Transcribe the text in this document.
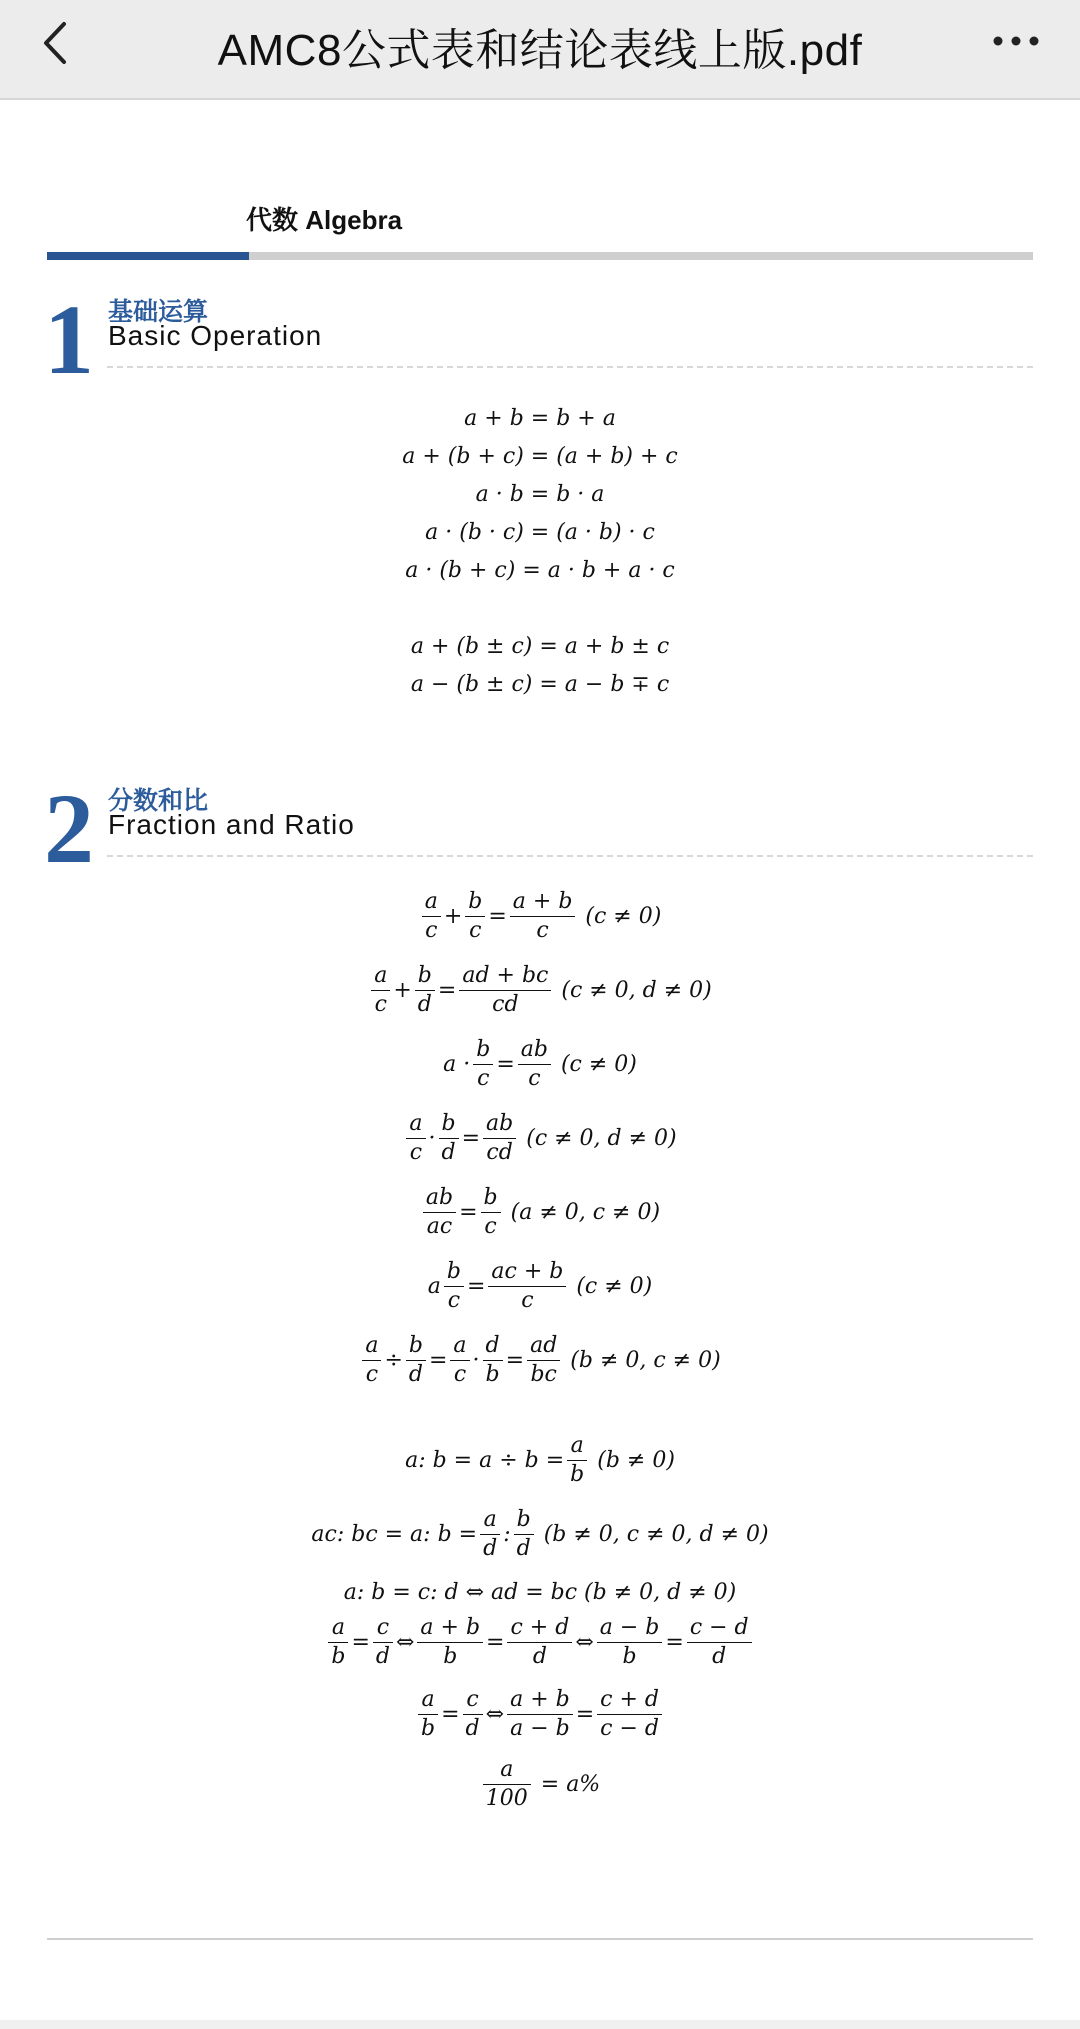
AMC8公式表和结论表线上版.pdf
代数 Algebra
1 基础运算
Basic Operation
a + b = b + a
a + (b + c) = (a + b) + c
a · b = b · a
a · (b · c) = (a · b) · c
a · (b + c) = a · b + a · c
a + (b ± c) = a + b ± c
a − (b ± c) = a − b ∓ c
2 分数和比
Fraction and Ratio
$\frac{a}{c} + \frac{b}{c} = \frac{a + b}{c} (c \ne 0)$
$\frac{a}{c} + \frac{b}{d} = \frac{ad + bc}{cd} (c \ne 0$, d ≠ 0)
$a \cdot \frac{b}{c} = \frac{ab}{c} (c \ne 0)$
$\frac{a}{c} \cdot \frac{b}{d} = \frac{ab}{cd} (c \ne 0$, d ≠ 0)
$\frac{ab}{ac} = \frac{b}{c} (a \ne 0$, c ≠ 0)
a $\frac{b}{c} = \frac{ac + b}{c} (c \ne 0)$
$\frac{a}{c} \div \frac{b}{d} = \frac{a}{c} \cdot \frac{d}{b} = \frac{ad}{bc} (b \ne 0$, c ≠ 0)
a: $b = a \div b = \frac{a}{b} (b \ne 0)$
ac: bc = a: $b = \frac{a}{d}$ : $\frac{b}{d} (b \ne 0$, c ≠ 0, d ≠ 0)
a: b = c: d ⇔ ad = bc (b ≠ 0, d ≠ 0)
$\frac{a}{b} = \frac{c}{d}$ ⇔ $\frac{a + b}{b} = \frac{c + d}{d}$ ⇔ $\frac{a - b}{b} = \frac{c - d}{d}$
$\frac{a}{b} = \frac{c}{d}$ ⇔ $\frac{a + b}{a - b} = \frac{c + d}{c - d}$
$\frac{a}{100} = a\%$
